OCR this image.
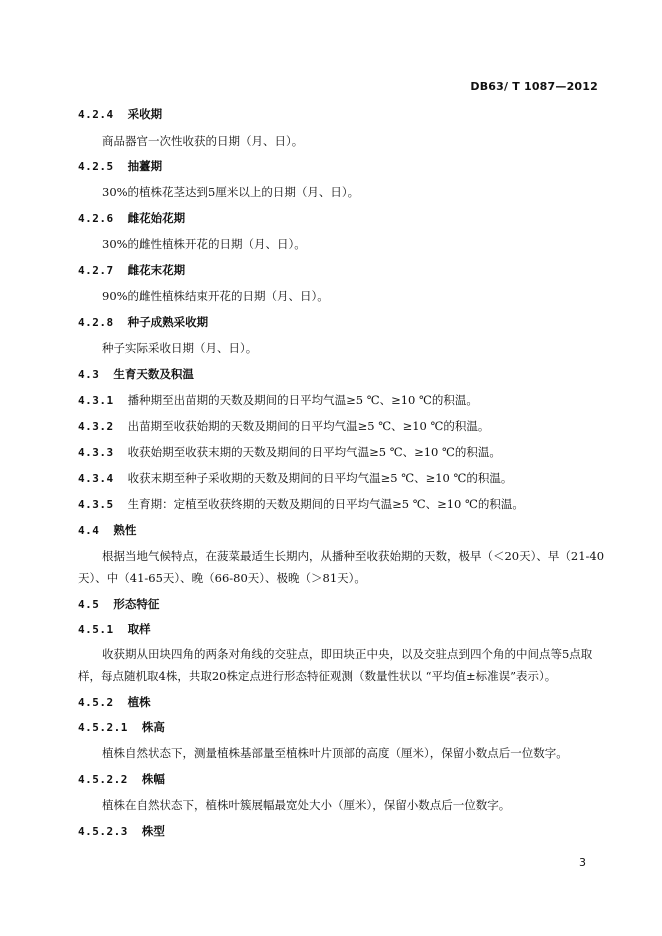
DB63/ T 1087—2012
4.2.4 采收期
商品器官一次性收获的日期（月、日）。
4.2.5 抽薹期
30%的植株花茎达到5厘米以上的日期（月、日）。
4.2.6 雌花始花期
30%的雌性植株开花的日期（月、日）。
4.2.7 雌花末花期
90%的雌性植株结束开花的日期（月、日）。
4.2.8 种子成熟采收期
种子实际采收日期（月、日）。
4.3 生育天数及积温
4.3.1 播种期至出苗期的天数及期间的日平均气温≥5 ℃、≥10 ℃的积温。
4.3.2 出苗期至收获始期的天数及期间的日平均气温≥5 ℃、≥10 ℃的积温。
4.3.3 收获始期至收获末期的天数及期间的日平均气温≥5 ℃、≥10 ℃的积温。
4.3.4 收获末期至种子采收期的天数及期间的日平均气温≥5 ℃、≥10 ℃的积温。
4.3.5 生育期：定植至收获终期的天数及期间的日平均气温≥5 ℃、≥10 ℃的积温。
4.4 熟性
根据当地气候特点，在菠菜最适生长期内，从播种至收获始期的天数，极早（＜20天）、早（21-40天）、中（41-65天）、晚（66-80天）、极晚（＞81天）。
4.5 形态特征
4.5.1 取样
收获期从田块四角的两条对角线的交驻点，即田块正中央，以及交驻点到四个角的中间点等5点取样，每点随机取4株，共取20株定点进行形态特征观测（数量性状以 “平均值±标准误”表示）。
4.5.2 植株
4.5.2.1 株高
植株自然状态下，测量植株基部量至植株叶片顶部的高度（厘米），保留小数点后一位数字。
4.5.2.2 株幅
植株在自然状态下，植株叶簇展幅最宽处大小（厘米），保留小数点后一位数字。
4.5.2.3 株型
3
